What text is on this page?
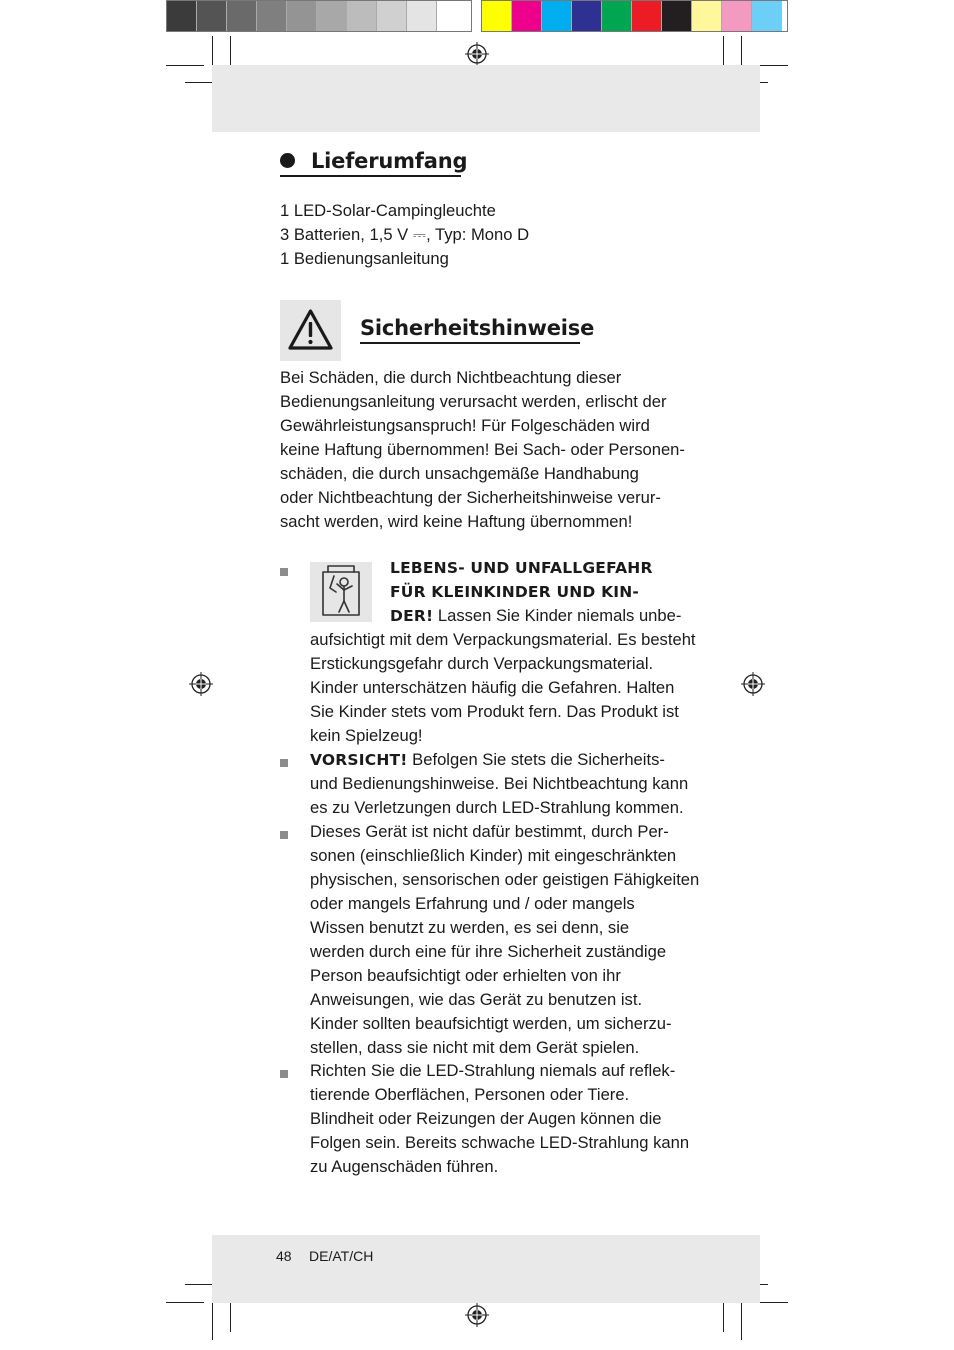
Lieferumfang
1 LED-Solar-Campingleuchte
3 Batterien, 1,5 V ⎓, Typ: Mono D
1 Bedienungsanleitung
Sicherheitshinweise
Bei Schäden, die durch Nichtbeachtung dieser
Bedienungsanleitung verursacht werden, erlischt der
Gewährleistungsanspruch! Für Folgeschäden wird
keine Haftung übernommen! Bei Sach- oder Personen-
schäden, die durch unsachgemäße Handhabung
oder Nichtbeachtung der Sicherheitshinweise verur-
sacht werden, wird keine Haftung übernommen!
LEBENS- UND UNFALLGEFAHR
FÜR KLEINKINDER UND KIN-
DER! Lassen Sie Kinder niemals unbe-
aufsichtigt mit dem Verpackungsmaterial. Es besteht
Erstickungsgefahr durch Verpackungsmaterial.
Kinder unterschätzen häufig die Gefahren. Halten
Sie Kinder stets vom Produkt fern. Das Produkt ist
kein Spielzeug!
VORSICHT! Befolgen Sie stets die Sicherheits-
und Bedienungshinweise. Bei Nichtbeachtung kann
es zu Verletzungen durch LED-Strahlung kommen.
Dieses Gerät ist nicht dafür bestimmt, durch Per-
sonen (einschließlich Kinder) mit eingeschränkten
physischen, sensorischen oder geistigen Fähigkeiten
oder mangels Erfahrung und / oder mangels
Wissen benutzt zu werden, es sei denn, sie
werden durch eine für ihre Sicherheit zuständige
Person beaufsichtigt oder erhielten von ihr
Anweisungen, wie das Gerät zu benutzen ist.
Kinder sollten beaufsichtigt werden, um sicherzu-
stellen, dass sie nicht mit dem Gerät spielen.
Richten Sie die LED-Strahlung niemals auf reflek-
tierende Oberflächen, Personen oder Tiere.
Blindheit oder Reizungen der Augen können die
Folgen sein. Bereits schwache LED-Strahlung kann
zu Augenschäden führen.
48 DE/AT/CH
